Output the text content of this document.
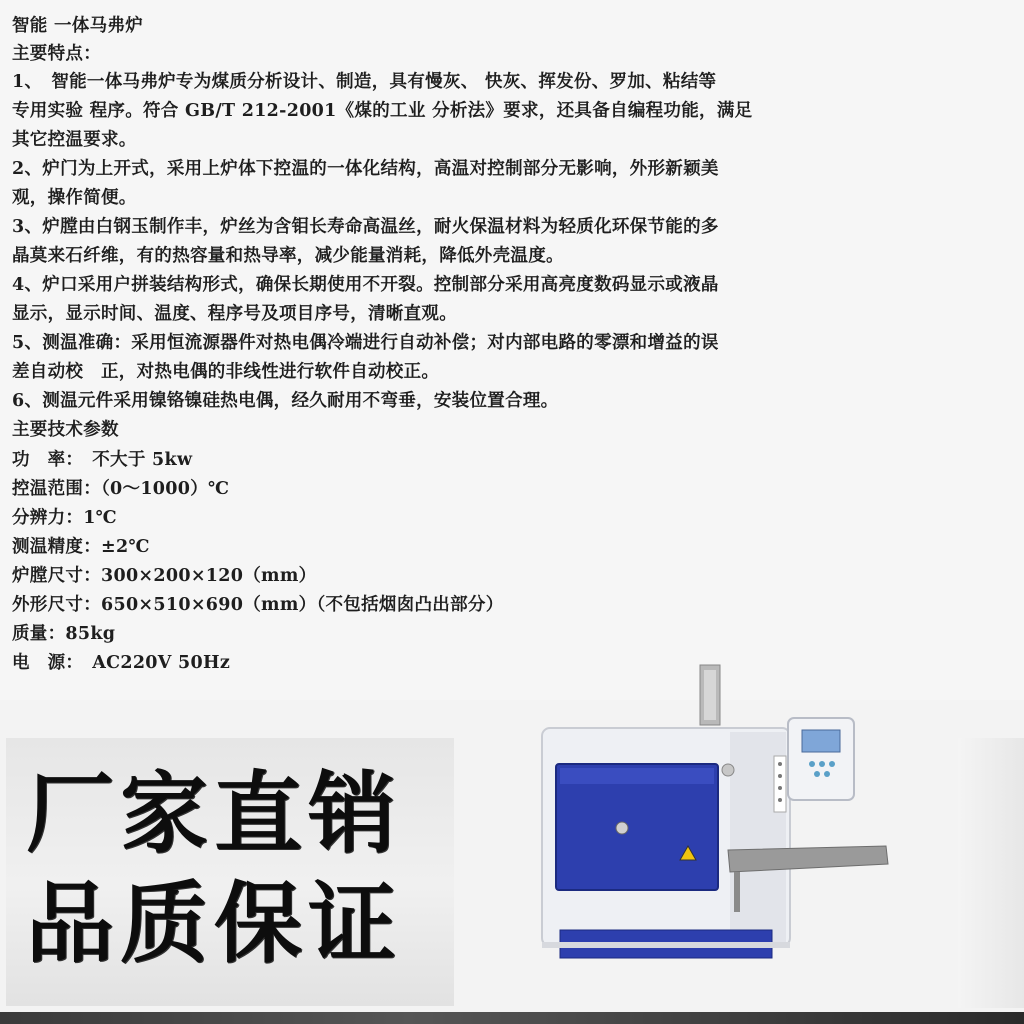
智能 一体马弗炉
主要特点：
1、　智能一体马弗炉专为煤质分析设计、制造，具有慢灰、 快灰、挥发份、罗加、粘结等
专用实验 程序。符合 GB/T 212-2001《煤的工业 分析法》要求，还具备自编程功能，满足
其它控温要求。
2、炉门为上开式，采用上炉体下控温的一体化结构，高温对控制部分无影响，外形新颖美
观，操作简便。
3、炉膛由白钢玉制作丰，炉丝为含钼长寿命高温丝，耐火保温材料为轻质化环保节能的多
晶莫来石纤维，有的热容量和热导率，减少能量消耗，降低外壳温度。
4、炉口采用户拼装结构形式，确保长期使用不开裂。控制部分采用高亮度数码显示或液晶
显示，显示时间、温度、程序号及项目序号，清晰直观。
5、测温准确：采用恒流源器件对热电偶冷端进行自动补偿；对内部电路的零漂和增益的误
差自动校　正，对热电偶的非线性进行软件自动校正。
6、测温元件采用镍铬镍硅热电偶，经久耐用不弯垂，安装位置合理。
主要技术参数
功　率：　不大于 5kw
控温范围：（0～1000）℃
分辨力：1℃
测温精度：±2℃
炉膛尺寸：300×200×120（mm）
外形尺寸：650×510×690（mm）（不包括烟囱凸出部分）
质量：85kg
电　源：　AC220V 50Hz
厂家直销
品质保证
